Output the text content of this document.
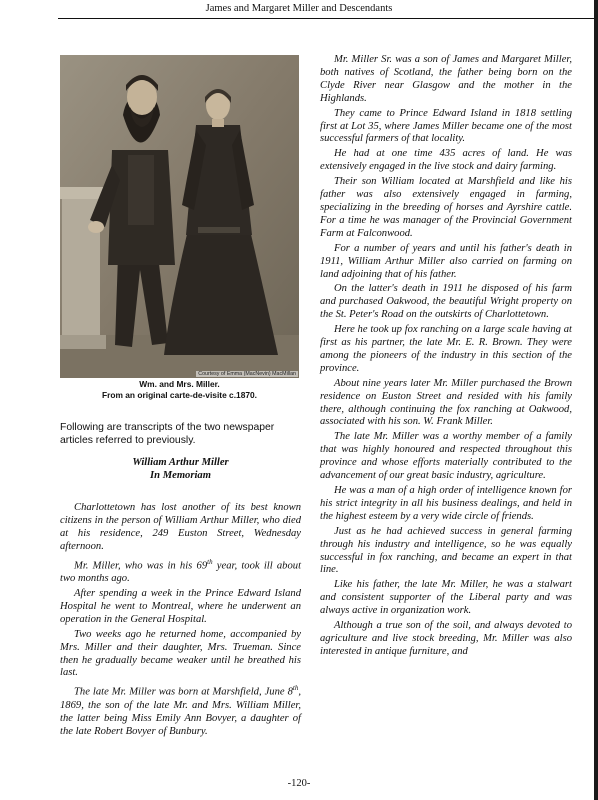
James and Margaret Miller and Descendants
Courtesy of Emma (MacNevin) MacMillan
Wm. and Mrs. Miller.
From an original carte-de-visite c.1870.
Following are transcripts of the two newspaper articles referred to previously.
William Arthur Miller
In Memoriam

Charlottetown has lost another of its best known citizens in the person of William Arthur Miller, who died at his residence, 249 Euston Street, Wednesday afternoon.

Mr. Miller, who was in his 69th year, took ill about two months ago.

After spending a week in the Prince Edward Island Hospital he went to Montreal, where he underwent an operation in the General Hospital.

Two weeks ago he returned home, accompanied by Mrs. Miller and their daughter, Mrs. Trueman. Since then he gradually became weaker until he breathed his last.

The late Mr. Miller was born at Marshfield, June 8th, 1869, the son of the late Mr. and Mrs. William Miller, the latter being Miss Emily Ann Bovyer, a daughter of the late Robert Bovyer of Bunbury.

Mr. Miller Sr. was a son of James and Margaret Miller, both natives of Scotland, the father being born on the Clyde River near Glasgow and the mother in the Highlands.

They came to Prince Edward Island in 1818 settling first at Lot 35, where James Miller became one of the most successful farmers of that locality.

He had at one time 435 acres of land. He was extensively engaged in the live stock and dairy farming.

Their son William located at Marshfield and like his father was also extensively engaged in farming, specializing in the breeding of horses and Ayrshire cattle. For a time he was manager of the Provincial Government Farm at Falconwood.

For a number of years and until his father's death in 1911, William Arthur Miller also carried on farming on land adjoining that of his father.

On the latter's death in 1911 he disposed of his farm and purchased Oakwood, the beautiful Wright property on the St. Peter's Road on the outskirts of Charlottetown.

Here he took up fox ranching on a large scale having at first as his partner, the late Mr. E. R. Brown. They were among the pioneers of the industry in this section of the province.

About nine years later Mr. Miller purchased the Brown residence on Euston Street and resided with his family there, although continuing the fox ranching at Oakwood, associated with his son. W. Frank Miller.

The late Mr. Miller was a worthy member of a family that was highly honoured and respected throughout this province and whose efforts materially contributed to the advancement of our great basic industry, agriculture.

He was a man of a high order of intelligence known for his strict integrity in all his business dealings, and held in the highest esteem by a very wide circle of friends.

Just as he had achieved success in general farming through his industry and intelligence, so he was equally successful in fox ranching, and became an expert in that line.

Like his father, the late Mr. Miller, he was a stalwart and consistent supporter of the Liberal party and was always active in organization work.

Although a true son of the soil, and always devoted to agriculture and live stock breeding, Mr. Miller was also interested in antique furniture, and

-120-
